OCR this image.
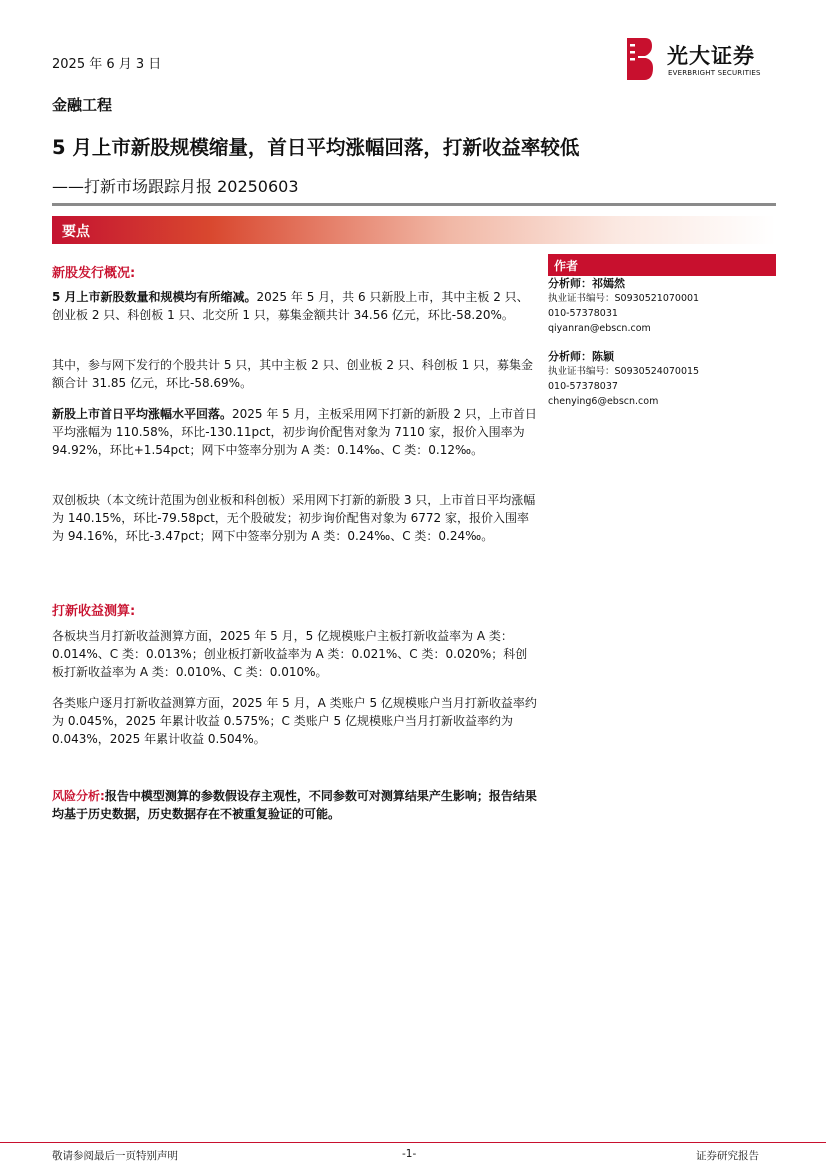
2025 年 6 月 3 日	光大证券
EVERBRIGHT SECURITIES
金融工程
5 月上市新股规模缩量，首日平均涨幅回落，打新收益率较低
——打新市场跟踪月报 20250603
要点
新股发行概况:
5 月上市新股数量和规模均有所缩减。2025 年 5 月，共 6 只新股上市，其中主板 2 只、创业板 2 只、科创板 1 只、北交所 1 只，募集金额共计 34.56 亿元，环比-58.20%。
其中，参与网下发行的个股共计 5 只，其中主板 2 只、创业板 2 只、科创板 1 只，募集金额合计 31.85 亿元，环比-58.69%。
新股上市首日平均涨幅水平回落。2025 年 5 月，主板采用网下打新的新股 2 只，上市首日平均涨幅为 110.58%，环比-130.11pct，初步询价配售对象为 7110 家，报价入围率为 94.92%，环比+1.54pct；网下中签率分别为 A 类：0.14‰、C 类：0.12‰。
双创板块（本文统计范围为创业板和科创板）采用网下打新的新股 3 只，上市首日平均涨幅为 140.15%，环比-79.58pct，无个股破发；初步询价配售对象为 6772 家，报价入围率为 94.16%，环比-3.47pct；网下中签率分别为 A 类：0.24‰、C 类：0.24‰。
打新收益测算:
各板块当月打新收益测算方面，2025 年 5 月，5 亿规模账户主板打新收益率为 A 类：0.014%、C 类：0.013%；创业板打新收益率为 A 类：0.021%、C 类：0.020%；科创板打新收益率为 A 类：0.010%、C 类：0.010%。
各类账户逐月打新收益测算方面，2025 年 5 月，A 类账户 5 亿规模账户当月打新收益率约为 0.045%，2025 年累计收益 0.575%；C 类账户 5 亿规模账户当月打新收益率约为 0.043%，2025 年累计收益 0.504%。
风险分析:报告中模型测算的参数假设存主观性，不同参数可对测算结果产生影响；报告结果均基于历史数据，历史数据存在不被重复验证的可能。
作者
分析师：祁嫣然
执业证书编号：S0930521070001
010-57378031
qiyanran@ebscn.com
分析师：陈颖
执业证书编号：S0930524070015
010-57378037
chenying6@ebscn.com
敬请参阅最后一页特别声明	-1-	证券研究报告
